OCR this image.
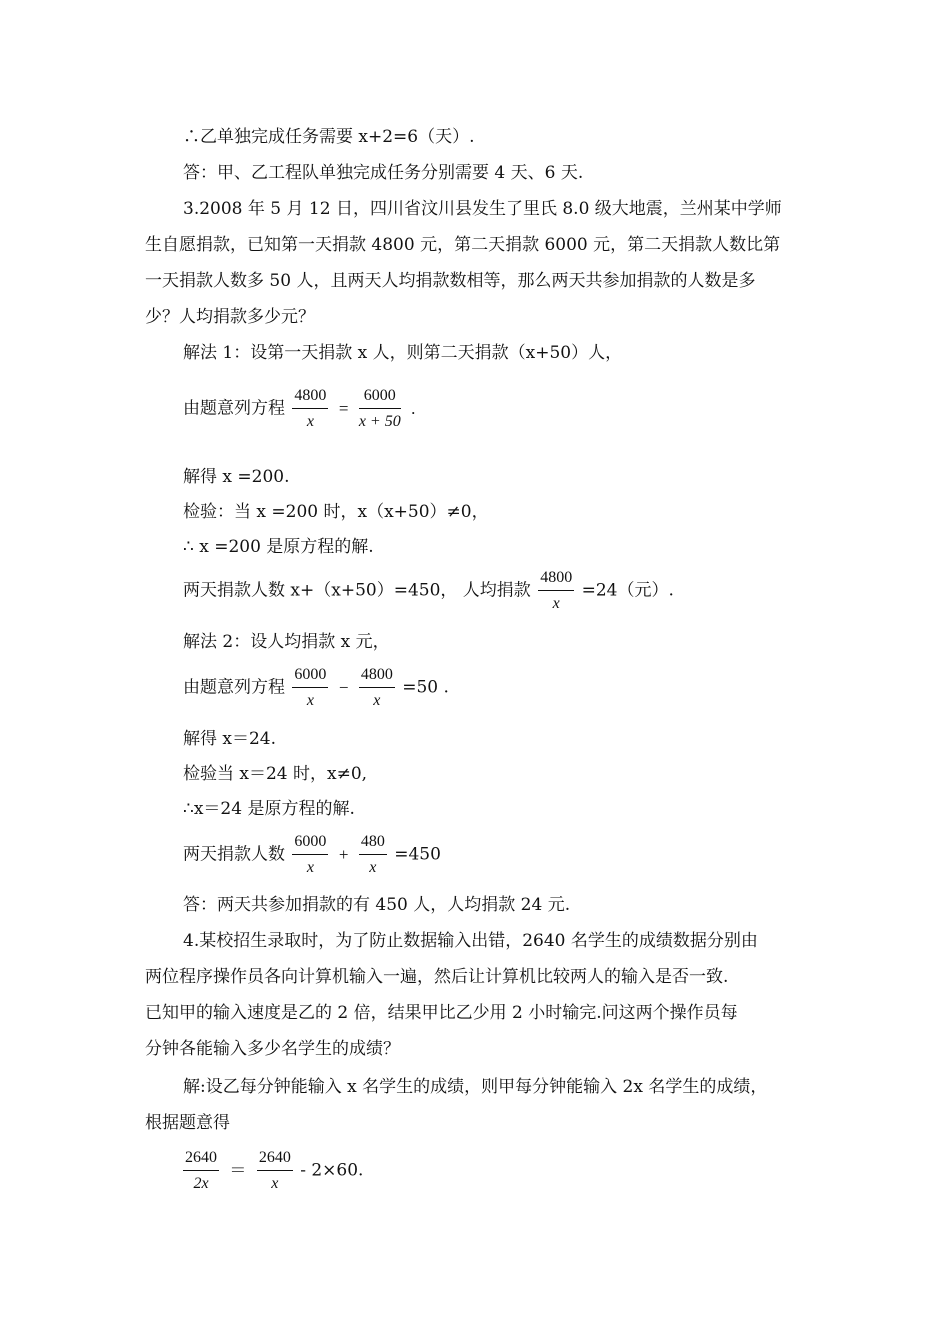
∴乙单独完成任务需要 x+2=6（天）.
答：甲、乙工程队单独完成任务分别需要 4 天、6 天.
3.2008 年 5 月 12 日，四川省汶川县发生了里氏 8.0 级大地震，兰州某中学师
生自愿捐款，已知第一天捐款 4800 元，第二天捐款 6000 元，第二天捐款人数比第
一天捐款人数多 50 人，且两天人均捐款数相等，那么两天共参加捐款的人数是多
少？人均捐款多少元？
解法 1：设第一天捐款 x 人，则第二天捐款（x+50）人，
由题意列方程 $\frac{4800}{x} = \frac{6000}{x + 50}$ .
解得 x =200.
检验：当 x =200 时，x（x+50）≠0，
∴ x =200 是原方程的解.
两天捐款人数 x+（x+50）=450， 人均捐款 $\frac{4800}{x} =24$（元）.
解法 2：设人均捐款 x 元，
由题意列方程 $\frac{6000}{x} - \frac{4800}{x} =50$ .
解得 x＝24.
检验当 x＝24 时，x≠0,
∴x＝24 是原方程的解.
两天捐款人数 $\frac{6000}{x} + \frac{480}{x} =450$
答：两天共参加捐款的有 450 人，人均捐款 24 元.
4.某校招生录取时，为了防止数据输入出错，2640 名学生的成绩数据分别由
两位程序操作员各向计算机输入一遍，然后让计算机比较两人的输入是否一致.
已知甲的输入速度是乙的 2 倍，结果甲比乙少用 2 小时输完.问这两个操作员每
分钟各能输入多少名学生的成绩？
解:设乙每分钟能输入 x 名学生的成绩，则甲每分钟能输入 2x 名学生的成绩，
根据题意得
$\frac{2640}{2x} = \frac{2640}{x} - 2\times 60$.
